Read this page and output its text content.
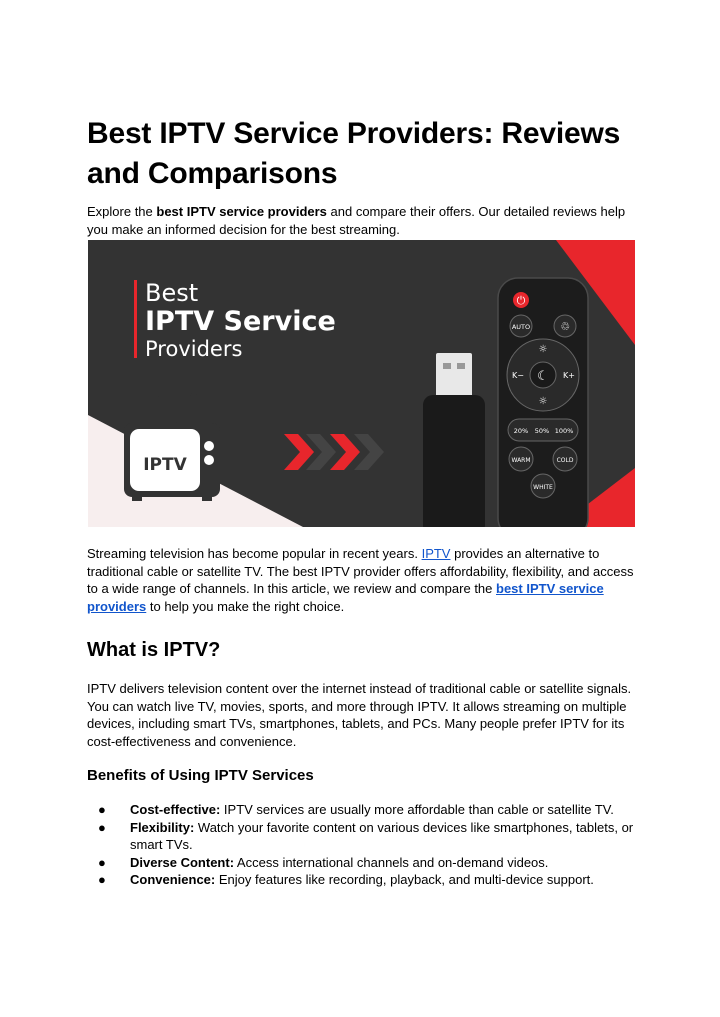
Best IPTV Service Providers: Reviews and Comparisons

Explore the best IPTV service providers and compare their offers. Our detailed reviews help you make an informed decision for the best streaming.

Streaming television has become popular in recent years. IPTV provides an alternative to traditional cable or satellite TV. The best IPTV provider offers affordability, flexibility, and access to a wide range of channels. In this article, we review and compare the best IPTV service providers to help you make the right choice.

What is IPTV?

IPTV delivers television content over the internet instead of traditional cable or satellite signals. You can watch live TV, movies, sports, and more through IPTV. It allows streaming on multiple devices, including smart TVs, smartphones, tablets, and PCs. Many people prefer IPTV for its cost-effectiveness and convenience.

Benefits of Using IPTV Services
● Cost-effective: IPTV services are usually more affordable than cable or satellite TV.
● Flexibility: Watch your favorite content on various devices like smartphones, tablets, or smart TVs.
● Diverse Content: Access international channels and on-demand videos.
● Convenience: Enjoy features like recording, playback, and multi-device support.
Best
IPTV Service
Providers
IPTV
⏻
AUTO	♲
☾
☼
☼
K−	K+
20% 50% 100%
WARM	COLD
WHITE
